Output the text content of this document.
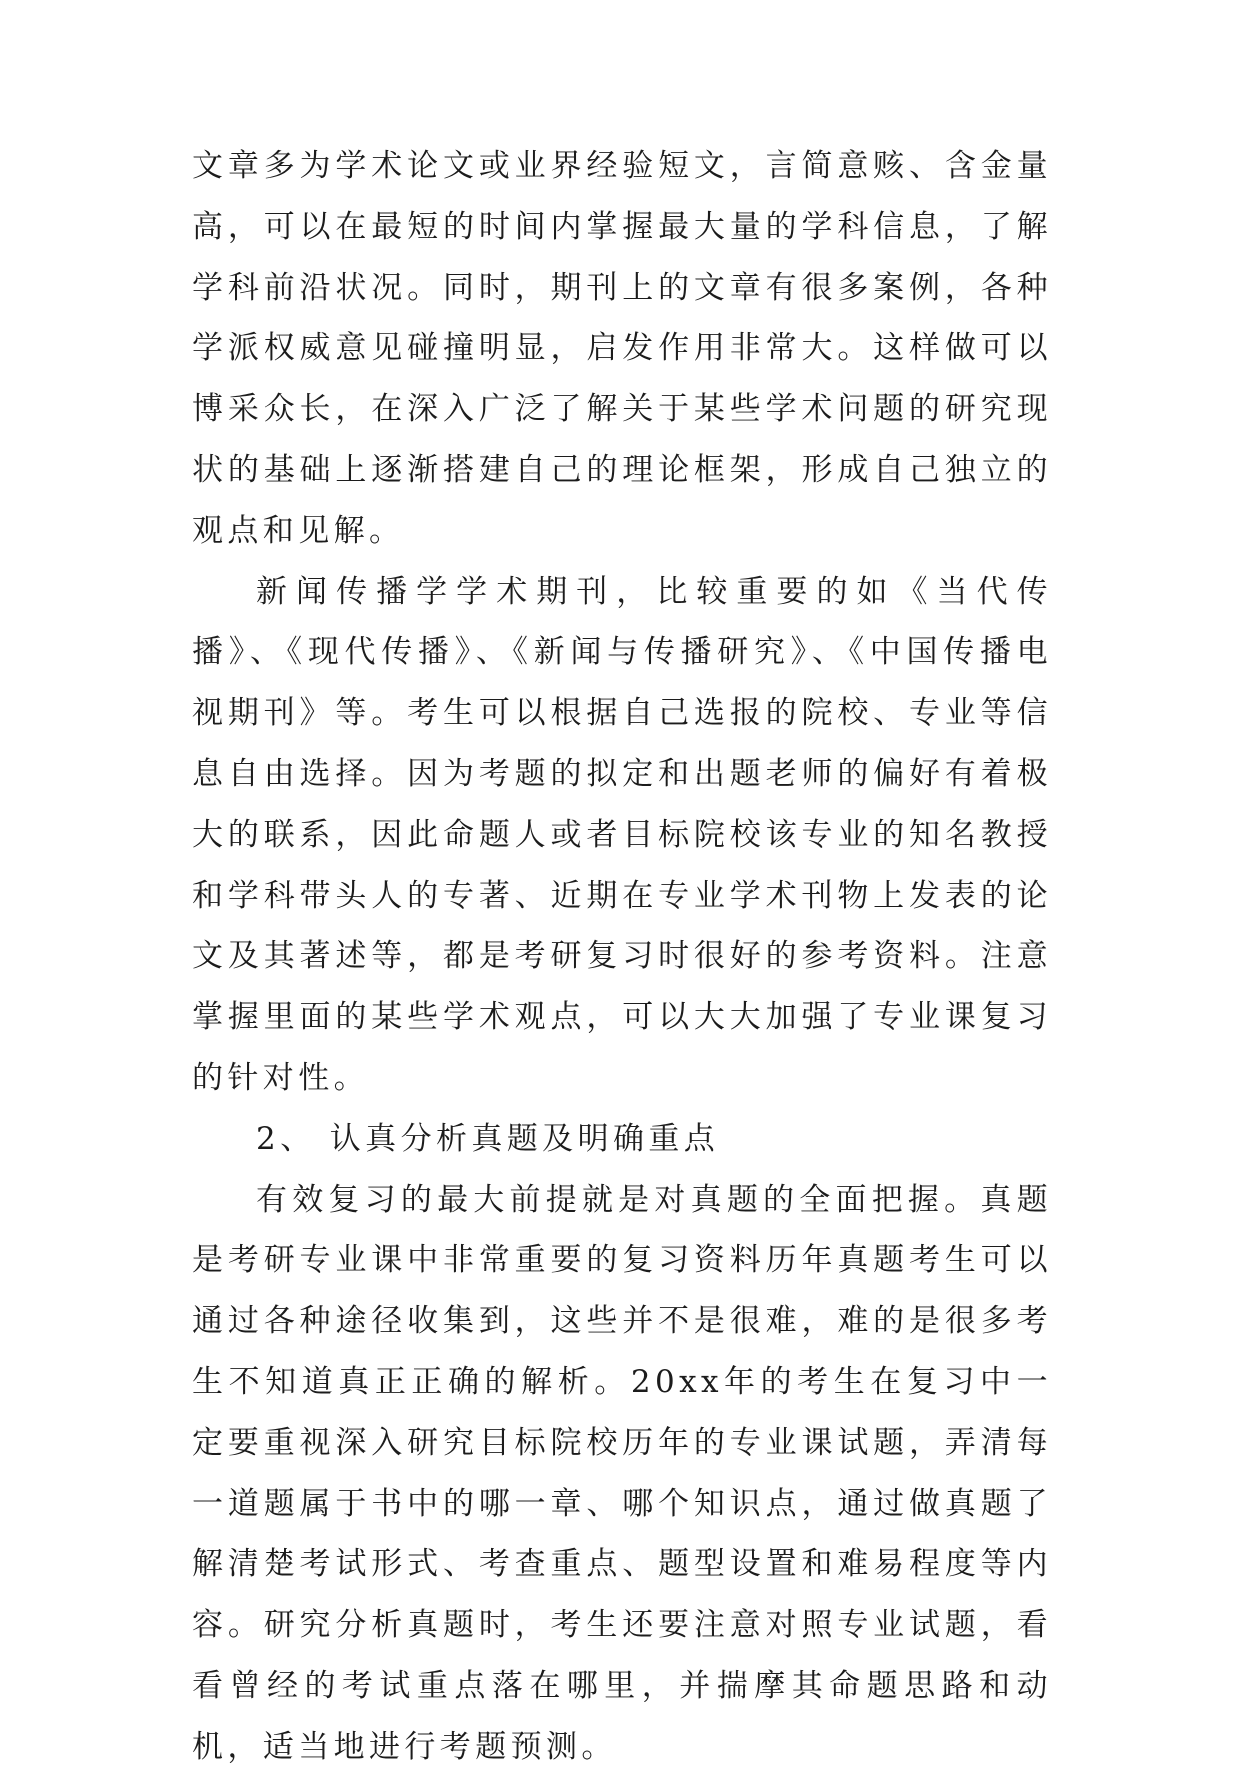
文章多为学术论文或业界经验短文，言简意赅、含金量高，可以在最短的时间内掌握最大量的学科信息，了解学科前沿状况。同时，期刊上的文章有很多案例，各种学派权威意见碰撞明显，启发作用非常大。这样做可以博采众长，在深入广泛了解关于某些学术问题的研究现状的基础上逐渐搭建自己的理论框架，形成自己独立的观点和见解。

新闻传播学学术期刊，比较重要的如《当代传播》、《现代传播》、《新闻与传播研究》、《中国传播电视期刊》等。考生可以根据自己选报的院校、专业等信息自由选择。因为考题的拟定和出题老师的偏好有着极大的联系，因此命题人或者目标院校该专业的知名教授和学科带头人的专著、近期在专业学术刊物上发表的论文及其著述等，都是考研复习时很好的参考资料。注意掌握里面的某些学术观点，可以大大加强了专业课复习的针对性。

2、 认真分析真题及明确重点

有效复习的最大前提就是对真题的全面把握。真题是考研专业课中非常重要的复习资料历年真题考生可以通过各种途径收集到，这些并不是很难，难的是很多考生不知道真正正确的解析。20xx年的考生在复习中一定要重视深入研究目标院校历年的专业课试题，弄清每一道题属于书中的哪一章、哪个知识点，通过做真题了解清楚考试形式、考查重点、题型设置和难易程度等内容。研究分析真题时，考生还要注意对照专业试题，看看曾经的考试重点落在哪里，并揣摩其命题思路和动机，适当地进行考题预测。
